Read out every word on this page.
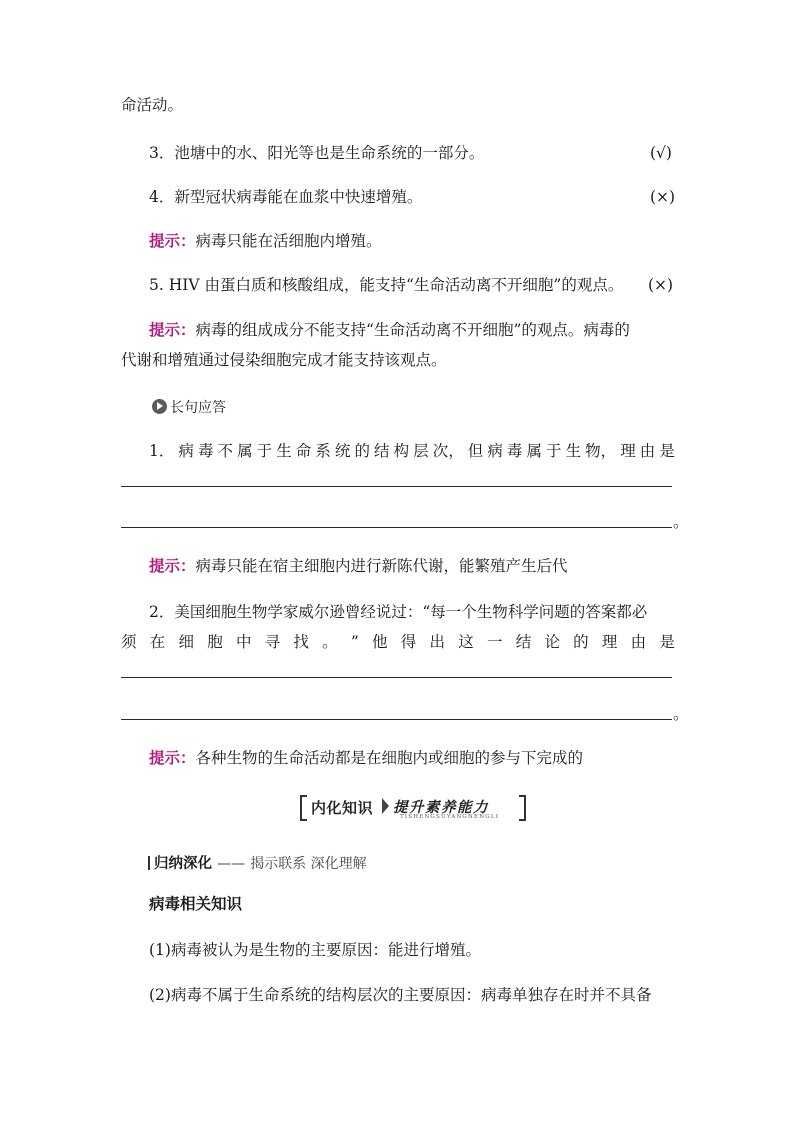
命活动。
3．池塘中的水、阳光等也是生命系统的一部分。	(√)
4．新型冠状病毒能在血浆中快速增殖。	(×)
提示：病毒只能在活细胞内增殖。
5. HIV 由蛋白质和核酸组成，能支持“生命活动离不开细胞”的观点。 (×)
提示：病毒的组成成分不能支持“生命活动离不开细胞”的观点。病毒的
代谢和增殖通过侵染细胞完成才能支持该观点。
长句应答
1． 病 毒 不 属 于 生 命 系 统 的 结 构 层 次， 但 病 毒 属 于 生 物， 理 由 是
。
提示：病毒只能在宿主细胞内进行新陈代谢，能繁殖产生后代
2．美国细胞生物学家威尔逊曾经说过：“每一个生物科学问题的答案都必
须 在 细 胞 中 寻 找 。 ” 他 得 出 这 一 结 论 的 理 由 是
。
提示：各种生物的生命活动都是在细胞内或细胞的参与下完成的
内化知识 提升素养能力
TISHENGSUYANGNENGLI
归纳深化 —— 揭示联系 深化理解
病毒相关知识
(1)病毒被认为是生物的主要原因：能进行增殖。
(2)病毒不属于生命系统的结构层次的主要原因：病毒单独存在时并不具备
